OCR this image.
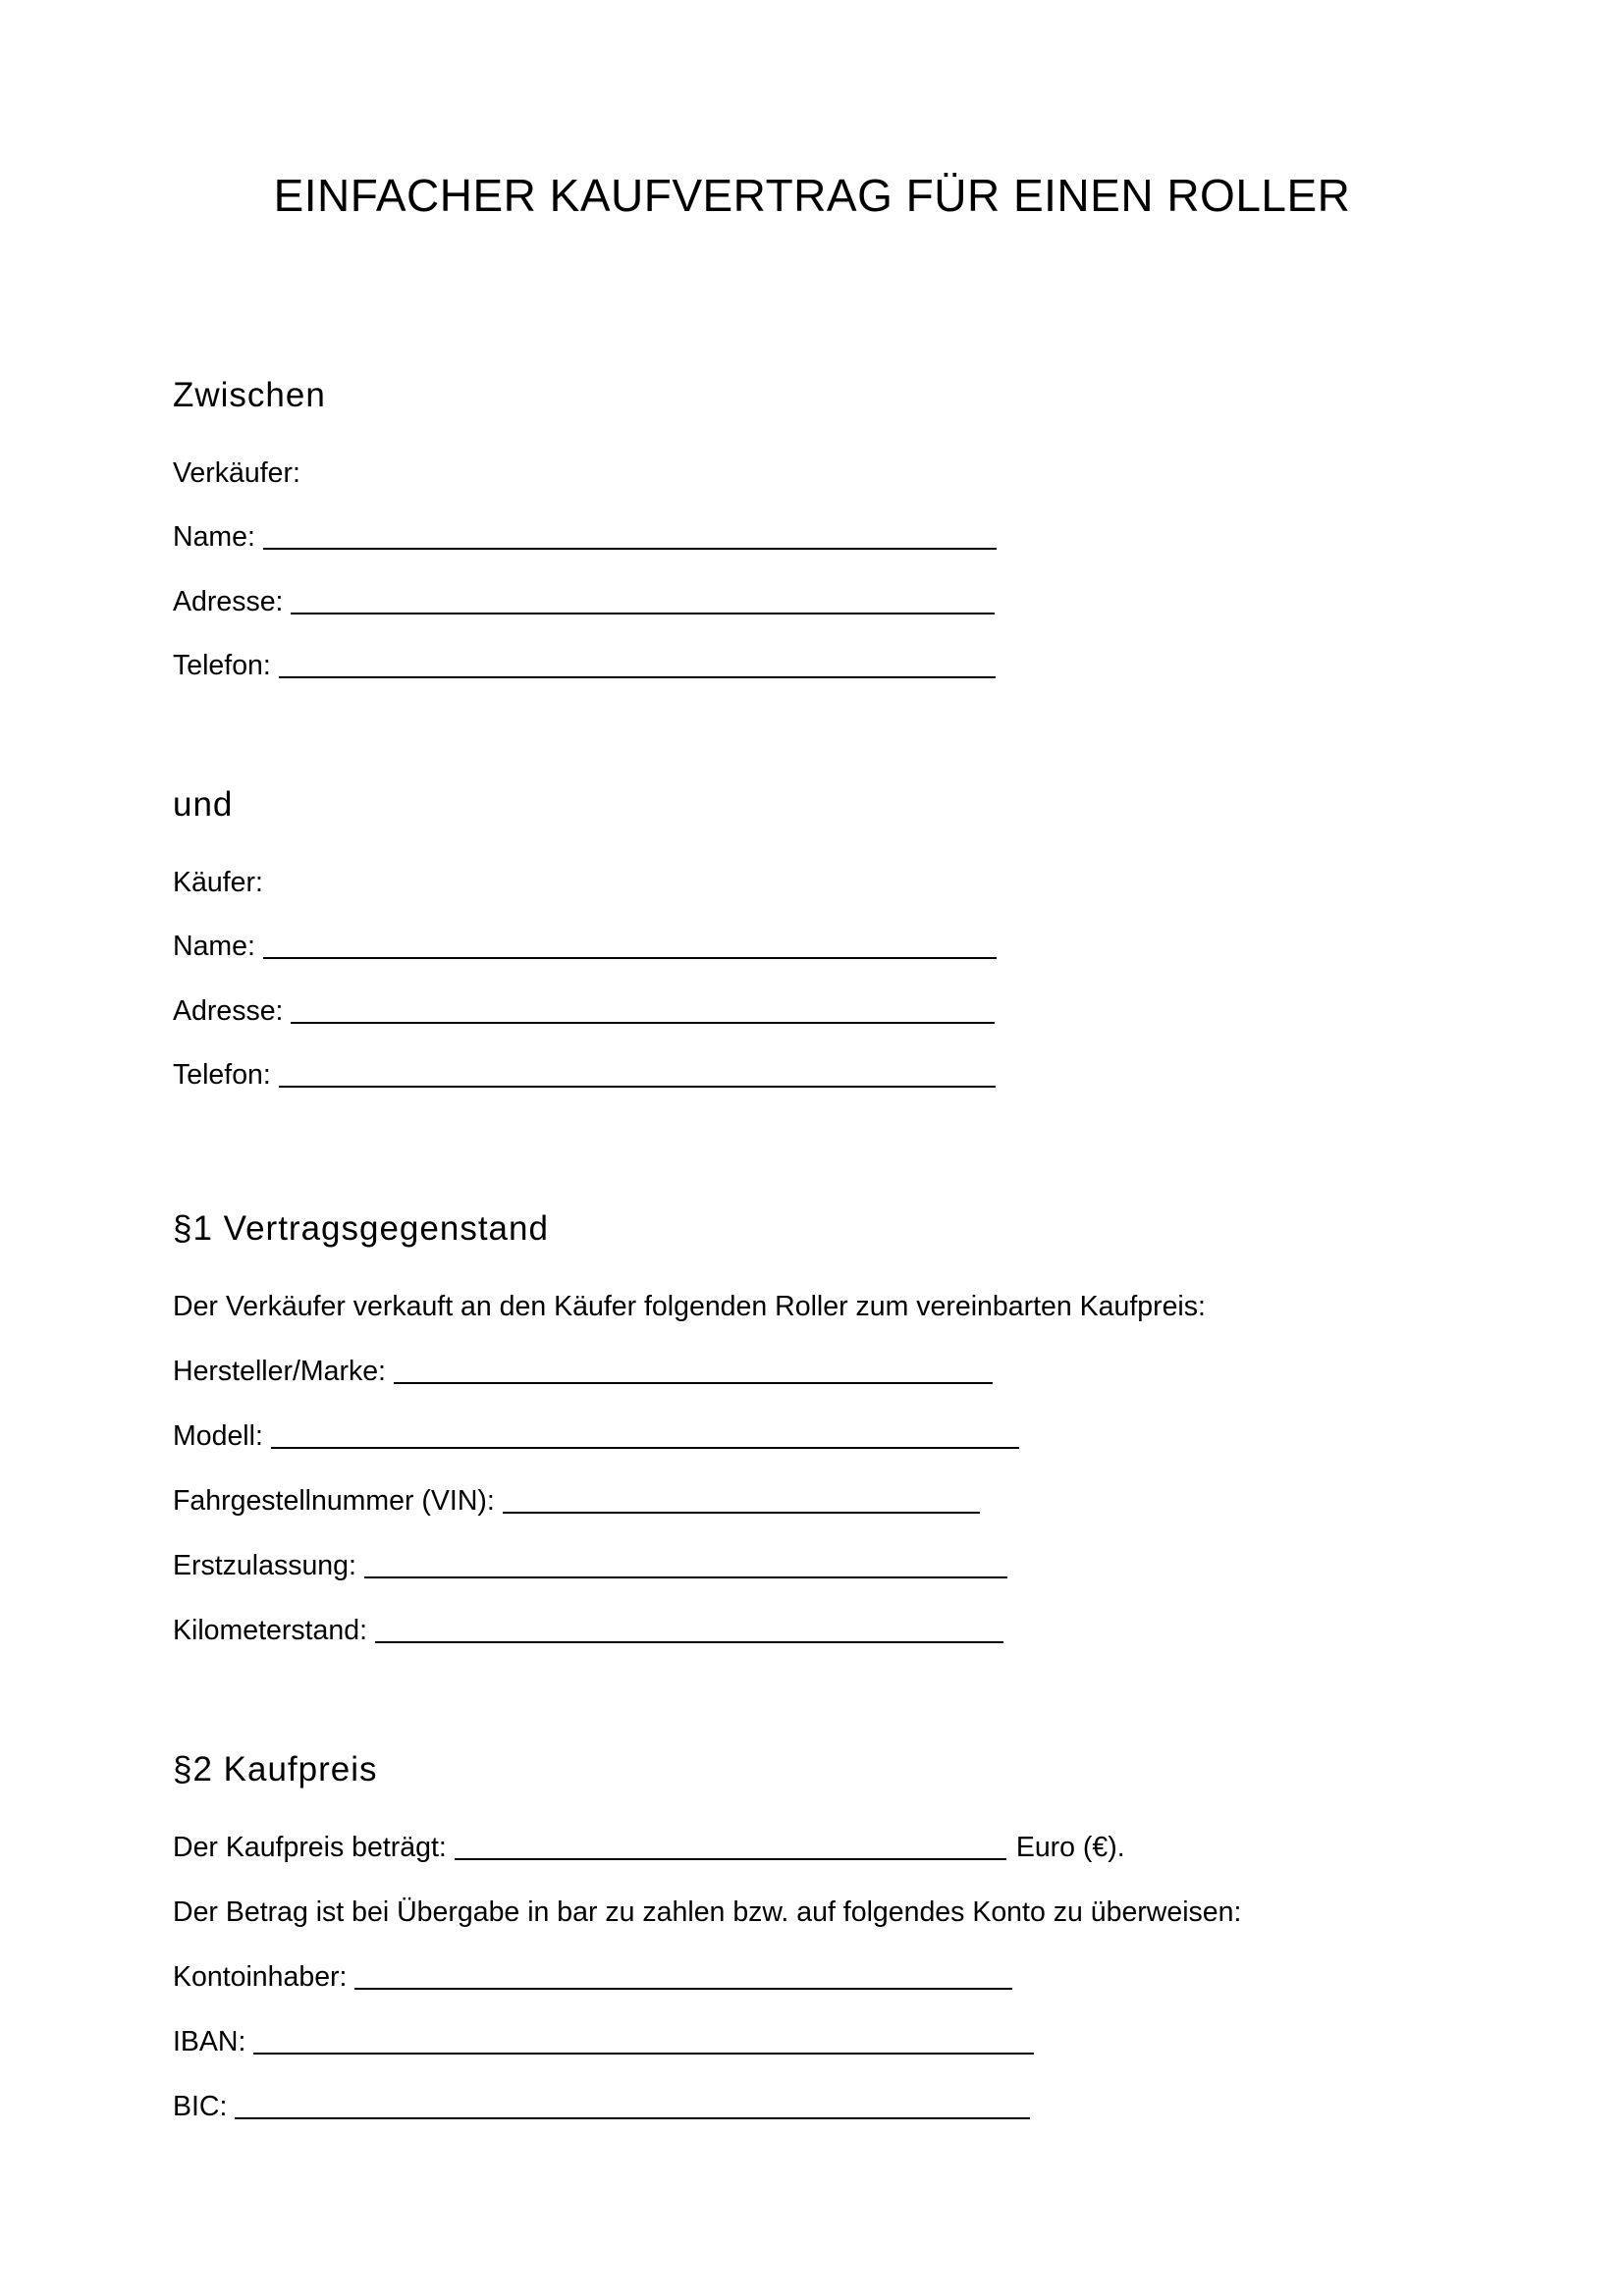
EINFACHER KAUFVERTRAG FÜR EINEN ROLLER
Zwischen
Verkäufer:
Name:
Adresse:
Telefon:
und
Käufer:
Name:
Adresse:
Telefon:
§1 Vertragsgegenstand
Der Verkäufer verkauft an den Käufer folgenden Roller zum vereinbarten Kaufpreis:
Hersteller/Marke:
Modell:
Fahrgestellnummer (VIN):
Erstzulassung:
Kilometerstand:
§2 Kaufpreis
Der Kaufpreis beträgt:	Euro (€).
Der Betrag ist bei Übergabe in bar zu zahlen bzw. auf folgendes Konto zu überweisen:
Kontoinhaber:
IBAN:
BIC:
